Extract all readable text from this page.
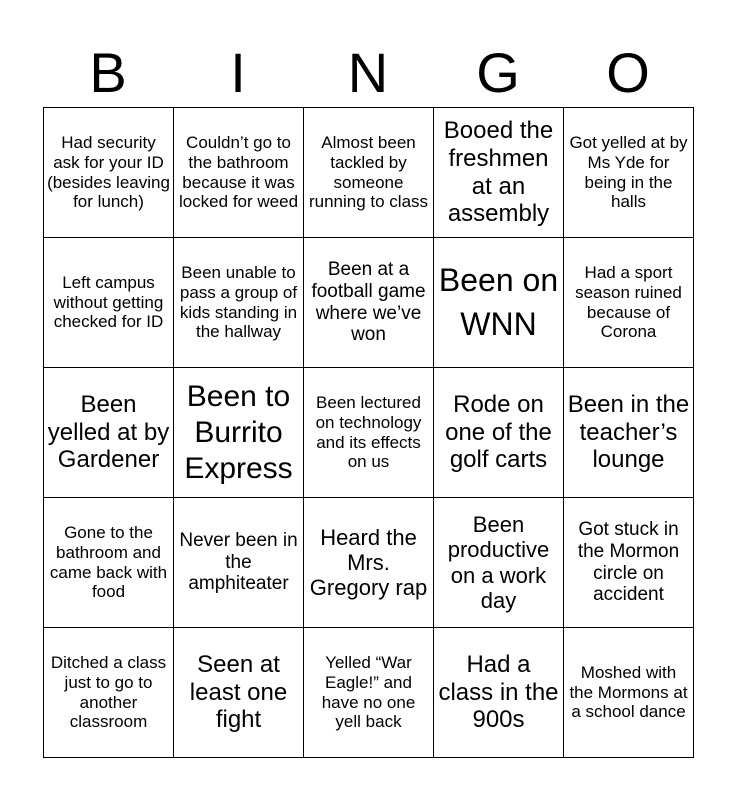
B	I	N	G	O
Had security ask for your ID (besides leaving for lunch)	Couldn’t go to the bathroom because it was locked for weed	Almost been tackled by someone running to class	Booed the freshmen at an assembly	Got yelled at by Ms Yde for being in the halls
Left campus without getting checked for ID	Been unable to pass a group of kids standing in the hallway	Been at a football game where we’ve won	Been on WNN	Had a sport season ruined because of Corona
Been yelled at by Gardener	Been to Burrito Express	Been lectured on technology and its effects on us	Rode on one of the golf carts	Been in the teacher’s lounge
Gone to the bathroom and came back with food	Never been in the amphiteater	Heard the Mrs. Gregory rap	Been productive on a work day	Got stuck in the Mormon circle on accident
Ditched a class just to go to another classroom	Seen at least one fight	Yelled “War Eagle!” and have no one yell back	Had a class in the 900s	Moshed with the Mormons at a school dance
